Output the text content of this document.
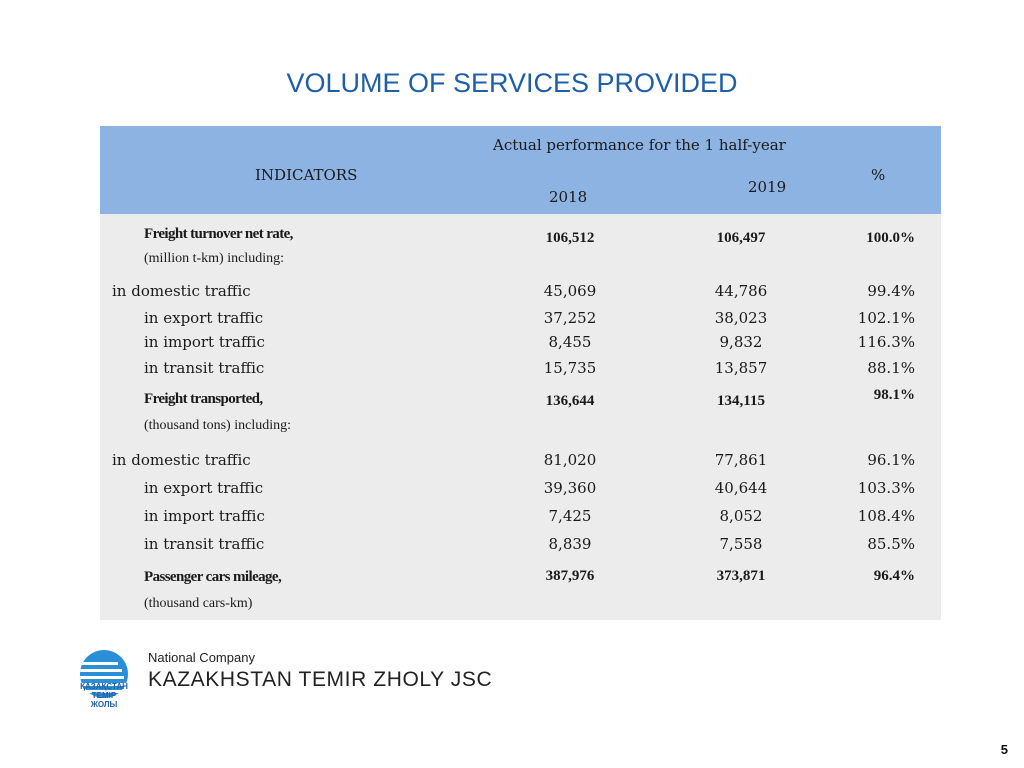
VOLUME OF SERVICES PROVIDED
Actual performance for the 1 half-year
INDICATORS
2018
2019
%
Freight turnover net rate,	106,512	106,497	100.0%
(million t-km) including:
in domestic traffic	45,069	44,786	99.4%
in export traffic	37,252	38,023	102.1%
in import traffic	8,455	9,832	116.3%
in transit traffic	15,735	13,857	88.1%
Freight transported,	136,644	134,115	98.1%
(thousand tons) including:
in domestic traffic	81,020	77,861	96.1%
in export traffic	39,360	40,644	103.3%
in import traffic	7,425	8,052	108.4%
in transit traffic	8,839	7,558	85.5%
Passenger cars mileage,	387,976	373,871	96.4%
(thousand cars-km)
ҚАЗАҚСТАН
ТЕМІР
ЖОЛЫ
National Company
KAZAKHSTAN TEMIR ZHOLY JSC
5
